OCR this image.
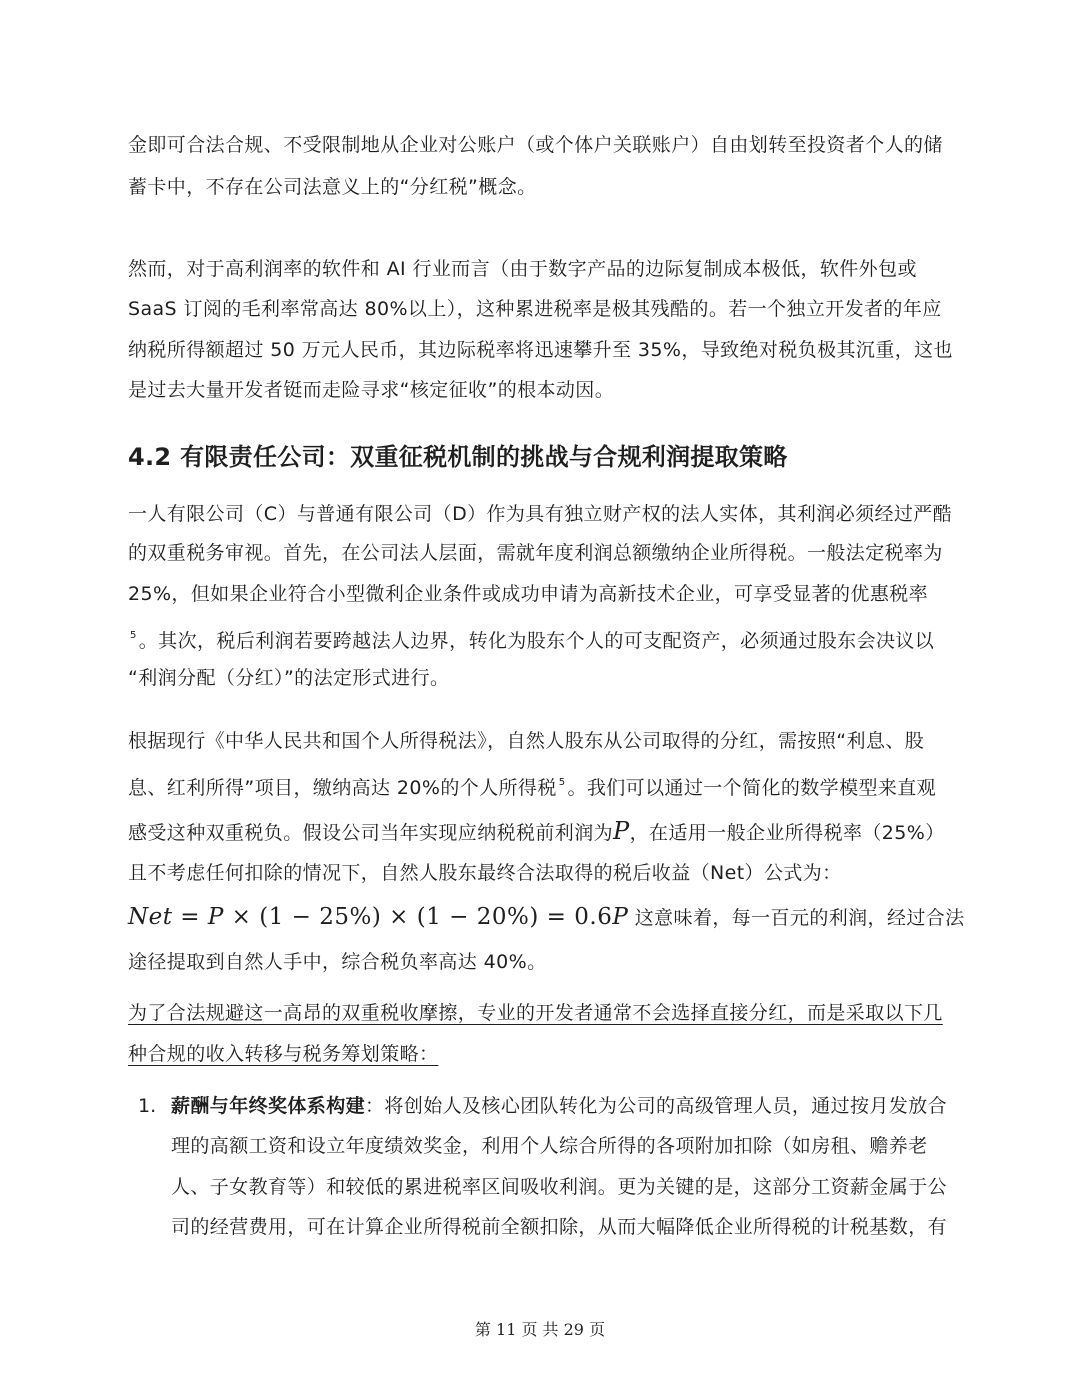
金即可合法合规、不受限制地从企业对公账户（或个体户关联账户）自由划转至投资者个人的储
蓄卡中，不存在公司法意义上的“分红税”概念。
然而，对于高利润率的软件和 AI 行业而言（由于数字产品的边际复制成本极低，软件外包或
SaaS 订阅的毛利率常高达 80%以上），这种累进税率是极其残酷的。若一个独立开发者的年应
纳税所得额超过 50 万元人民币，其边际税率将迅速攀升至 35%，导致绝对税负极其沉重，这也
是过去大量开发者铤而走险寻求“核定征收”的根本动因。
4.2 有限责任公司：双重征税机制的挑战与合规利润提取策略
一人有限公司（C）与普通有限公司（D）作为具有独立财产权的法人实体，其利润必须经过严酷
的双重税务审视。首先，在公司法人层面，需就年度利润总额缴纳企业所得税。一般法定税率为
25%，但如果企业符合小型微利企业条件或成功申请为高新技术企业，可享受显著的优惠税率
$^5$ 。其次，税后利润若要跨越法人边界，转化为股东个人的可支配资产，必须通过股东会决议以
“利润分配（分红）”的法定形式进行。
根据现行《中华人民共和国个人所得税法》，自然人股东从公司取得的分红，需按照“利息、股
息、红利所得”项目，缴纳高达 20%的个人所得税 $^5$ 。我们可以通过一个简化的数学模型来直观
感受这种双重税负。假设公司当年实现应纳税税前利润为P，在适用一般企业所得税率（25%）
且不考虑任何扣除的情况下，自然人股东最终合法取得的税后收益（Net）公式为：
Net = P × (1 − 25%) × (1 − 20%) = 0.6P 这意味着，每一百元的利润，经过合法
途径提取到自然人手中，综合税负率高达 40%。
为了合法规避这一高昂的双重税收摩擦，专业的开发者通常不会选择直接分红，而是采取以下几
种合规的收入转移与税务筹划策略：
1. 薪酬与年终奖体系构建：将创始人及核心团队转化为公司的高级管理人员，通过按月发放合
理的高额工资和设立年度绩效奖金，利用个人综合所得的各项附加扣除（如房租、赡养老
人、子女教育等）和较低的累进税率区间吸收利润。更为关键的是，这部分工资薪金属于公
司的经营费用，可在计算企业所得税前全额扣除，从而大幅降低企业所得税的计税基数，有
第 11 页 共 29 页
